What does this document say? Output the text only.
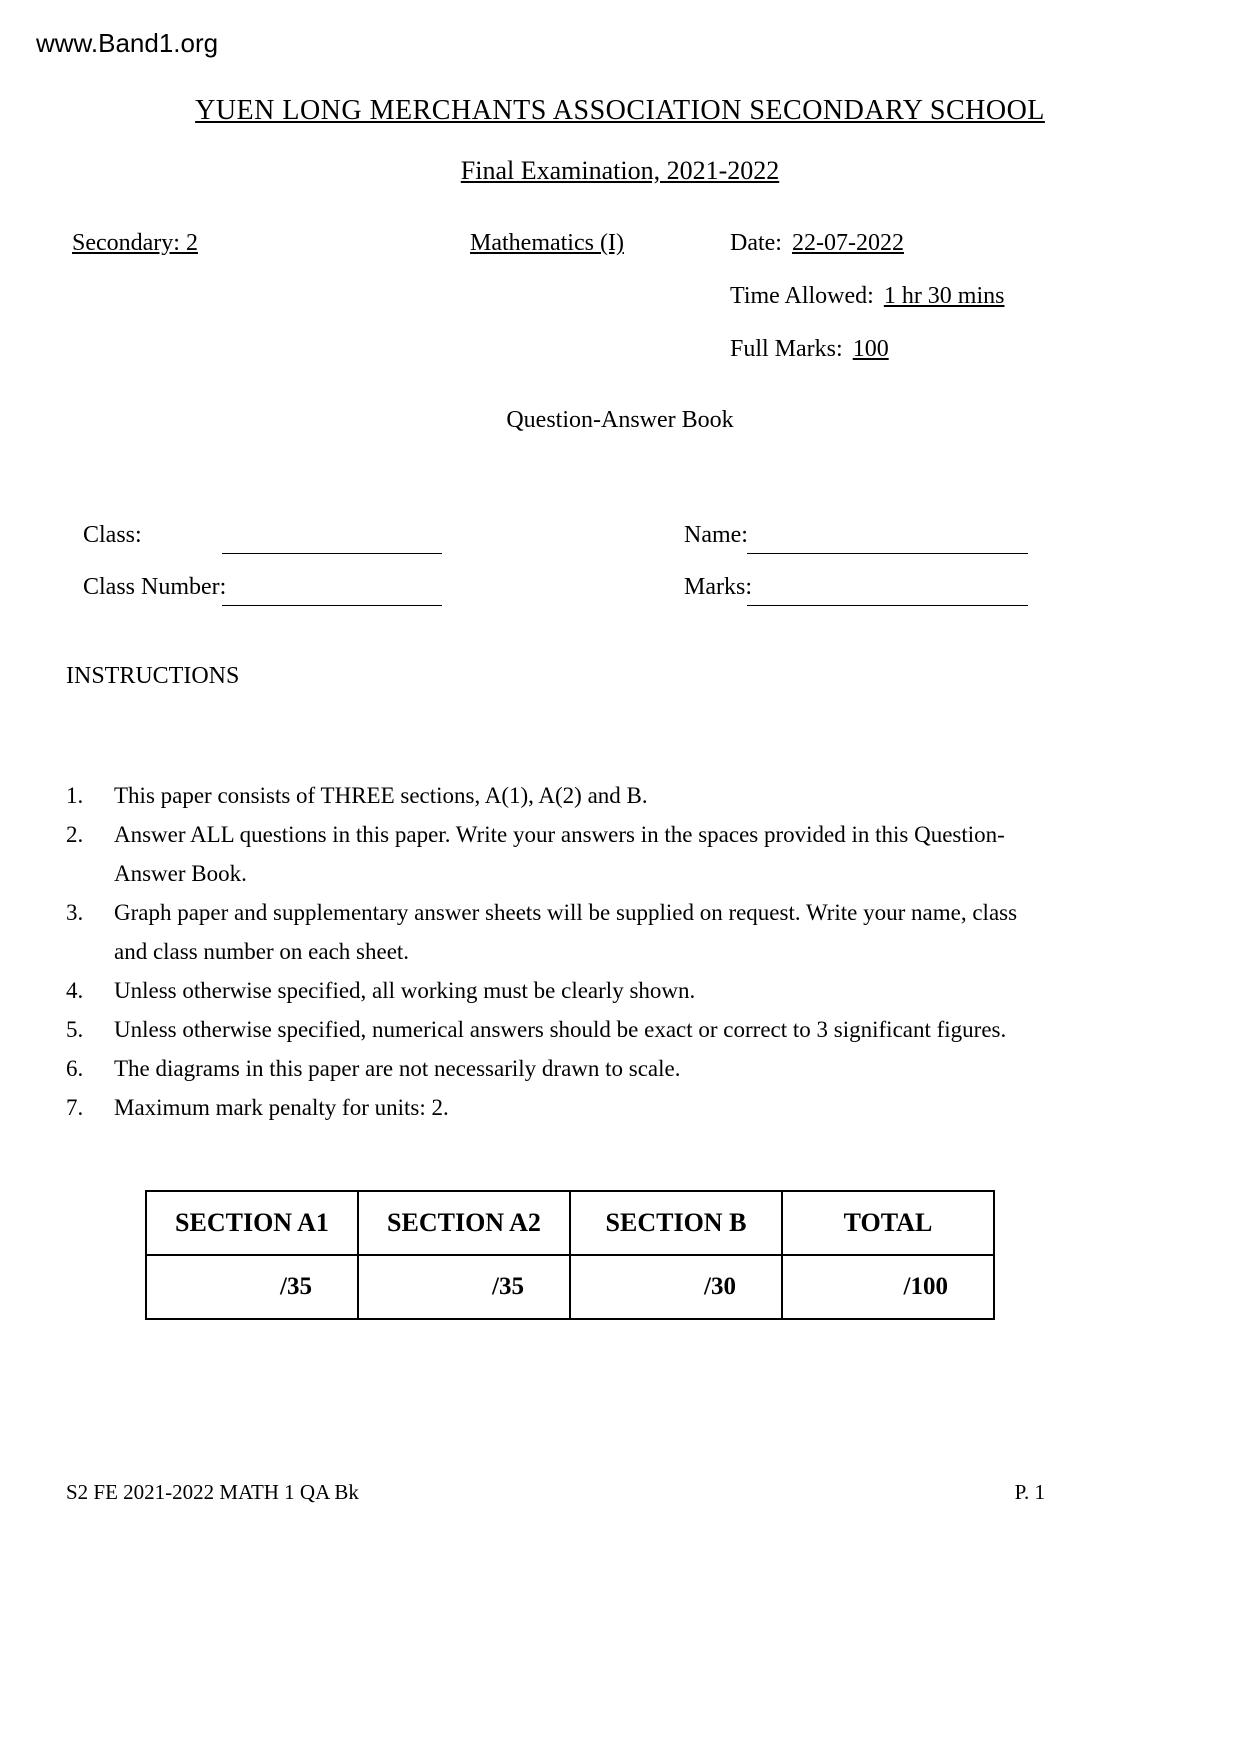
www.Band1.org
YUEN LONG MERCHANTS ASSOCIATION SECONDARY SCHOOL
Final Examination, 2021-2022
Secondary: 2	Mathematics (I)	Date: 22-07-2022
Time Allowed: 1 hr 30 mins
Full Marks: 100
Question-Answer Book
Class:	Name:
Class Number:	Marks:
INSTRUCTIONS
1.	This paper consists of THREE sections, A(1), A(2) and B.
2.	Answer ALL questions in this paper. Write your answers in the spaces provided in this Question-Answer Book.
3.	Graph paper and supplementary answer sheets will be supplied on request. Write your name, class and class number on each sheet.
4.	Unless otherwise specified, all working must be clearly shown.
5.	Unless otherwise specified, numerical answers should be exact or correct to 3 significant figures.
6.	The diagrams in this paper are not necessarily drawn to scale.
7.	Maximum mark penalty for units: 2.
SECTION A1	SECTION A2	SECTION B	TOTAL
/35	/35	/30	/100
S2 FE 2021-2022 MATH 1 QA Bk	P. 1
